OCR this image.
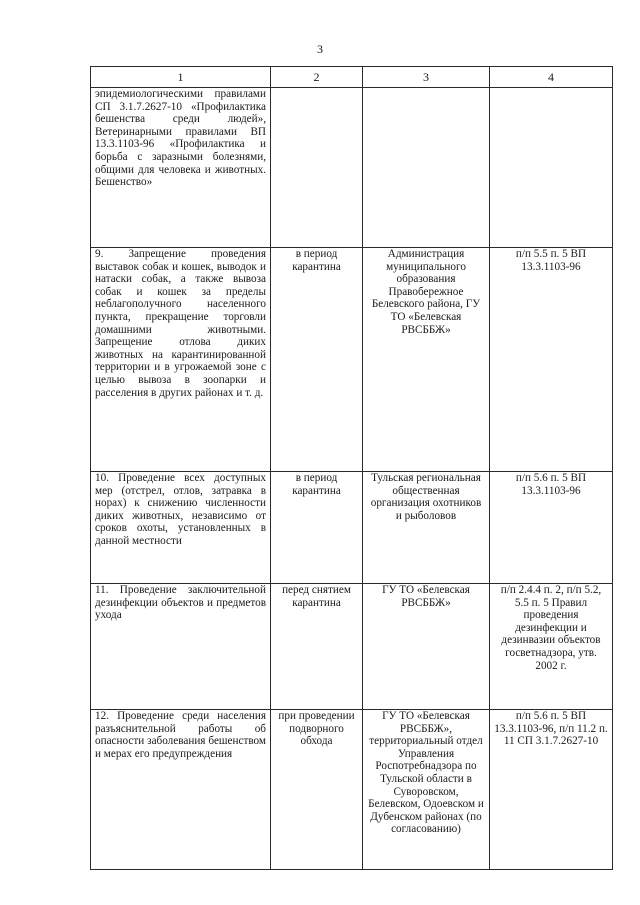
3
1	2	3	4
эпидемиологическими правилами СП 3.1.7.2627-10 «Профилактика бешенства среди людей», Ветеринарными правилами ВП 13.3.1103-96 «Профилактика и борьба с заразными болезнями, общими для человека и животных. Бешенство»			
9. Запрещение проведения выставок собак и кошек, выводок и натаски собак, а также вывоза собак и кошек за пределы неблагополучного населенного пункта, прекращение торговли домашними животными. Запрещение отлова диких животных на карантинированной территории и в угрожаемой зоне с целью вывоза в зоопарки и расселения в других районах и т. д.	в период карантина	Администрация муниципального образования Правобережное Белевского района, ГУ ТО «Белевская РВСББЖ»	п/п 5.5 п. 5 ВП 13.3.1103-96
10. Проведение всех доступных мер (отстрел, отлов, затравка в норах) к снижению численности диких животных, независимо от сроков охоты, установленных в данной местности	в период карантина	Тульская региональная общественная организация охотников и рыболовов	п/п 5.6 п. 5 ВП 13.3.1103-96
11. Проведение заключительной дезинфекции объектов и предметов ухода	перед снятием карантина	ГУ ТО «Белевская РВСББЖ»	п/п 2.4.4 п. 2, п/п 5.2, 5.5 п. 5 Правил проведения дезинфекции и дезинвазии объектов госветнадзора, утв. 2002 г.
12. Проведение среди населения разъяснительной работы об опасности заболевания бешенством и мерах его предупреждения	при проведении подворного обхода	ГУ ТО «Белевская РВСББЖ», территориальный отдел Управления Роспотребнадзора по Тульской области в Суворовском, Белевском, Одоевском и Дубенском районах (по согласованию)	п/п 5.6 п. 5 ВП 13.3.1103-96, п/п 11.2 п. 11 СП 3.1.7.2627-10
